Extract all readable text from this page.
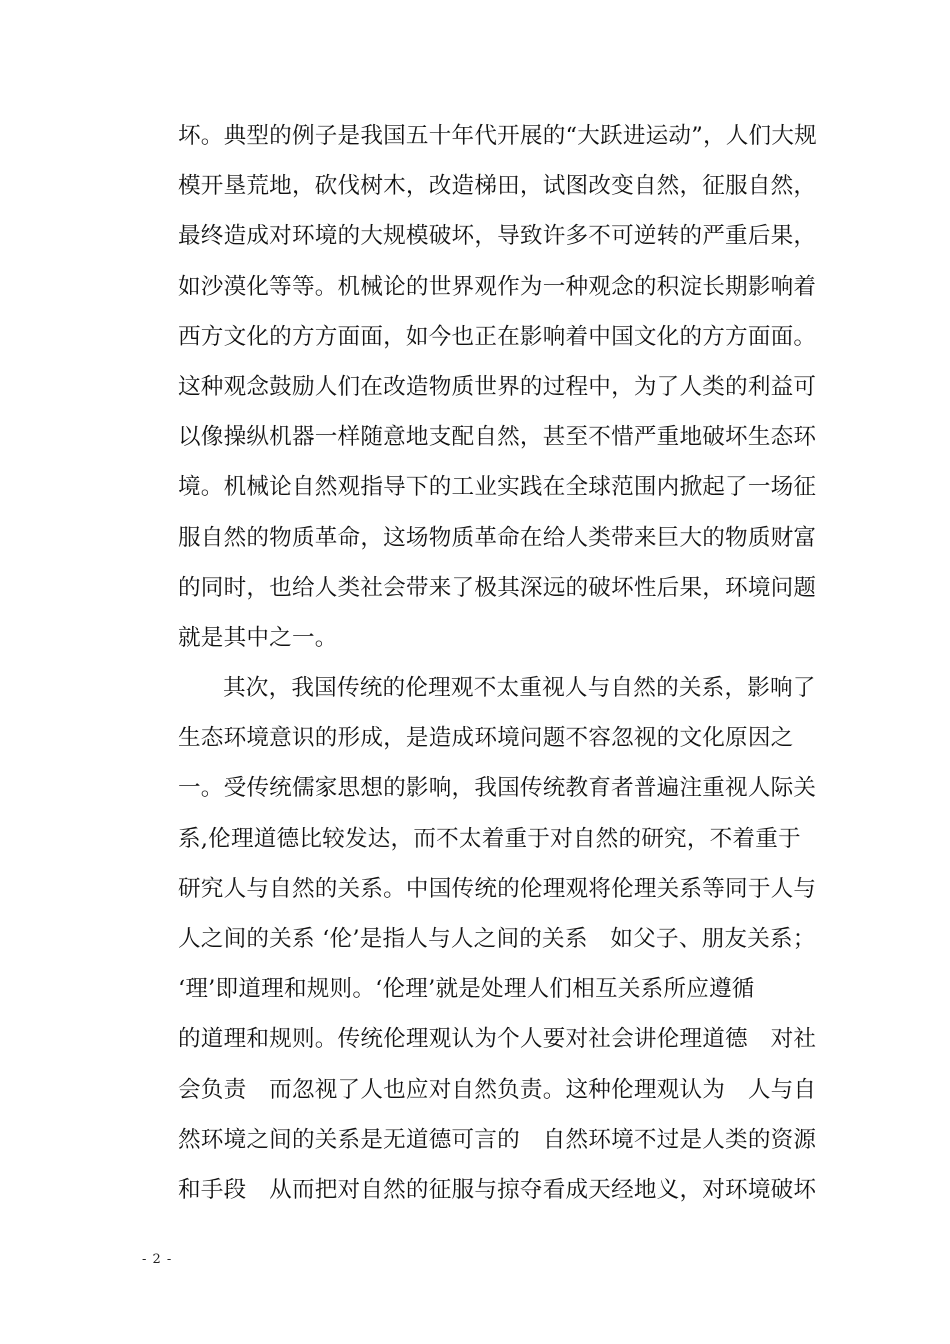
坏。典型的例子是我国五十年代开展的“大跃进运动”，人们大规
模开垦荒地，砍伐树木，改造梯田，试图改变自然，征服自然，
最终造成对环境的大规模破坏，导致许多不可逆转的严重后果，
如沙漠化等等。机械论的世界观作为一种观念的积淀长期影响着
西方文化的方方面面，如今也正在影响着中国文化的方方面面。
这种观念鼓励人们在改造物质世界的过程中，为了人类的利益可
以像操纵机器一样随意地支配自然，甚至不惜严重地破坏生态环
境。机械论自然观指导下的工业实践在全球范围内掀起了一场征
服自然的物质革命，这场物质革命在给人类带来巨大的物质财富
的同时，也给人类社会带来了极其深远的破坏性后果，环境问题
就是其中之一。
其次，我国传统的伦理观不太重视人与自然的关系，影响了
生态环境意识的形成，是造成环境问题不容忽视的文化原因之
一。受传统儒家思想的影响，我国传统教育者普遍注重视人际关
系,伦理道德比较发达，而不太着重于对自然的研究，不着重于
研究人与自然的关系。中国传统的伦理观将伦理关系等同于人与
人之间的关系 ‘伦’是指人与人之间的关系　如父子、朋友关系；
‘理’即道理和规则。‘伦理’就是处理人们相互关系所应遵循
的道理和规则。传统伦理观认为个人要对社会讲伦理道德　对社
会负责　而忽视了人也应对自然负责。这种伦理观认为　人与自
然环境之间的关系是无道德可言的　自然环境不过是人类的资源
和手段　从而把对自然的征服与掠夺看成天经地义，对环境破坏
- 2 -
